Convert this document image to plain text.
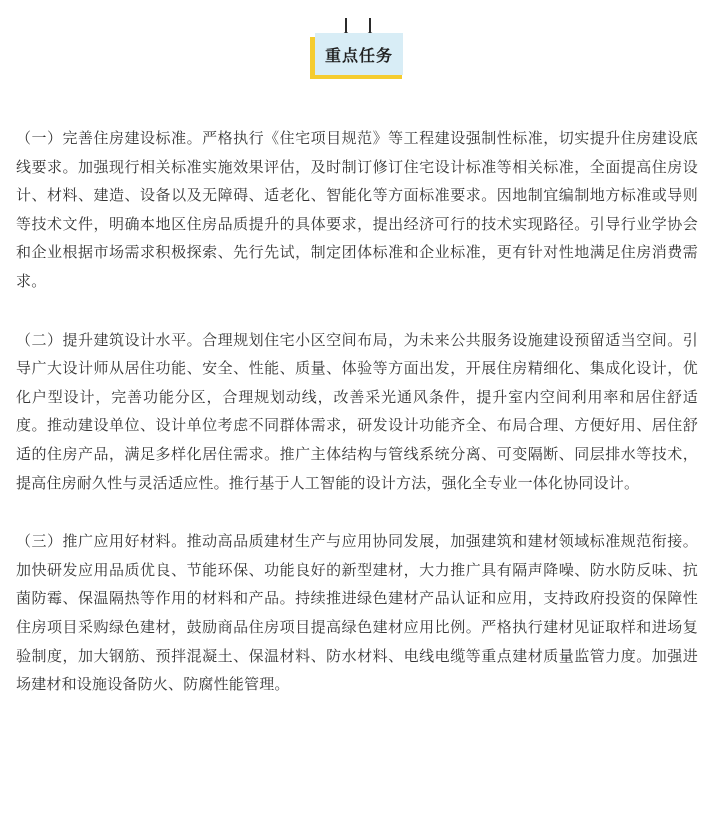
重点任务

（一）完善住房建设标准。严格执行《住宅项目规范》等工程建设强制性标准，切实提升住房建设底线要求。加强现行相关标准实施效果评估，及时制订修订住宅设计标准等相关标准，全面提高住房设计、材料、建造、设备以及无障碍、适老化、智能化等方面标准要求。因地制宜编制地方标准或导则等技术文件，明确本地区住房品质提升的具体要求，提出经济可行的技术实现路径。引导行业学协会和企业根据市场需求积极探索、先行先试，制定团体标准和企业标准，更有针对性地满足住房消费需求。

（二）提升建筑设计水平。合理规划住宅小区空间布局，为未来公共服务设施建设预留适当空间。引导广大设计师从居住功能、安全、性能、质量、体验等方面出发，开展住房精细化、集成化设计，优化户型设计，完善功能分区，合理规划动线，改善采光通风条件，提升室内空间利用率和居住舒适度。推动建设单位、设计单位考虑不同群体需求，研发设计功能齐全、布局合理、方便好用、居住舒适的住房产品，满足多样化居住需求。推广主体结构与管线系统分离、可变隔断、同层排水等技术，提高住房耐久性与灵活适应性。推行基于人工智能的设计方法，强化全专业一体化协同设计。

（三）推广应用好材料。推动高品质建材生产与应用协同发展，加强建筑和建材领域标准规范衔接。加快研发应用品质优良、节能环保、功能良好的新型建材，大力推广具有隔声降噪、防水防反味、抗菌防霉、保温隔热等作用的材料和产品。持续推进绿色建材产品认证和应用，支持政府投资的保障性住房项目采购绿色建材，鼓励商品住房项目提高绿色建材应用比例。严格执行建材见证取样和进场复验制度，加大钢筋、预拌混凝土、保温材料、防水材料、电线电缆等重点建材质量监管力度。加强进场建材和设施设备防火、防腐性能管理。
